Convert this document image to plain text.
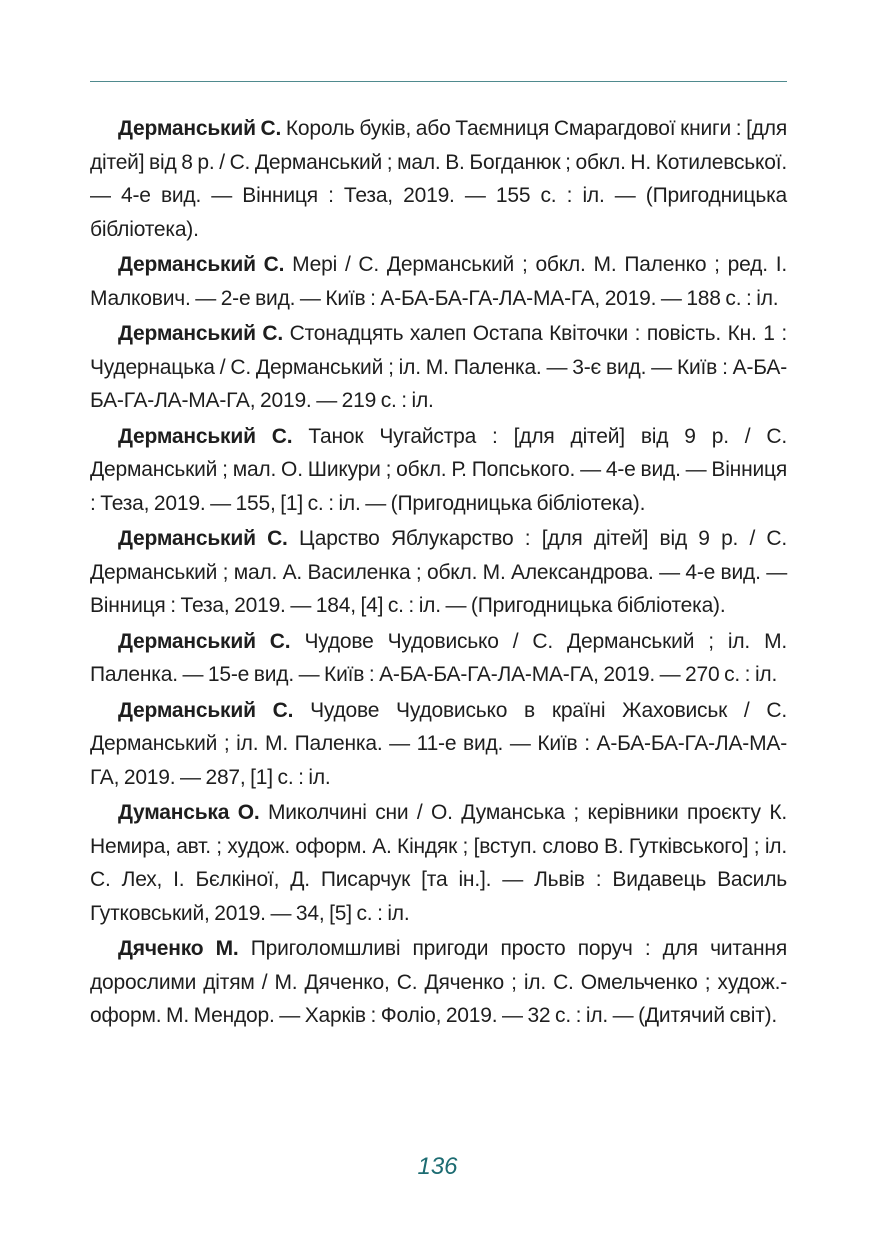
Дерманський С. Король буків, або Таємниця Смарагдової книги : [для дітей] від 8 р. / С. Дерманський ; мал. В. Богданюк ; обкл. Н. Котилевської. — 4-е вид. — Вінниця : Теза, 2019. — 155 с. : іл. — (Пригодницька бібліотека).

Дерманський С. Мері / С. Дерманський ; обкл. М. Паленко ; ред. І. Малкович. — 2-е вид. — Київ : А-БА-БА-ГА-ЛА-МА-ГА, 2019. — 188 с. : іл.

Дерманський С. Стонадцять халеп Остапа Квіточки : повість. Кн. 1 : Чудернацька / С. Дерманський ; іл. М. Паленка. — 3-є вид. — Київ : А-БА-БА-ГА-ЛА-МА-ГА, 2019. — 219 с. : іл.

Дерманський С. Танок Чугайстра : [для дітей] від 9 р. / С. Дерманський ; мал. О. Шикури ; обкл. Р. Попського. — 4-е вид. — Вінниця : Теза, 2019. — 155, [1] с. : іл. — (Пригодницька бібліотека).

Дерманський С. Царство Яблукарство : [для дітей] від 9 р. / С. Дерманський ; мал. А. Василенка ; обкл. М. Александрова. — 4-е вид. — Вінниця : Теза, 2019. — 184, [4] с. : іл. — (Пригодницька бібліотека).

Дерманський С. Чудове Чудовисько / С. Дерманський ; іл. М. Паленка. — 15-е вид. — Київ : А-БА-БА-ГА-ЛА-МА-ГА, 2019. — 270 с. : іл.

Дерманський С. Чудове Чудовисько в країні Жаховиськ / С. Дерманський ; іл. М. Паленка. — 11-е вид. — Київ : А-БА-БА-ГА-ЛА-МА-ГА, 2019. — 287, [1] с. : іл.

Думанська О. Миколчині сни / О. Думанська ; керівники проєкту К. Немира, авт. ; худож. оформ. А. Кіндяк ; [вступ. слово В. Гутківського] ; іл. С. Лех, І. Бєлкіної, Д. Писарчук [та ін.]. — Львів : Видавець Василь Гутковський, 2019. — 34, [5] с. : іл.

Дяченко М. Приголомшливі пригоди просто поруч : для читання дорослими дітям / М. Дяченко, С. Дяченко ; іл. С. Омельченко ; худож.-оформ. М. Мендор. — Харків : Фоліо, 2019. — 32 с. : іл. — (Дитячий світ).

136
